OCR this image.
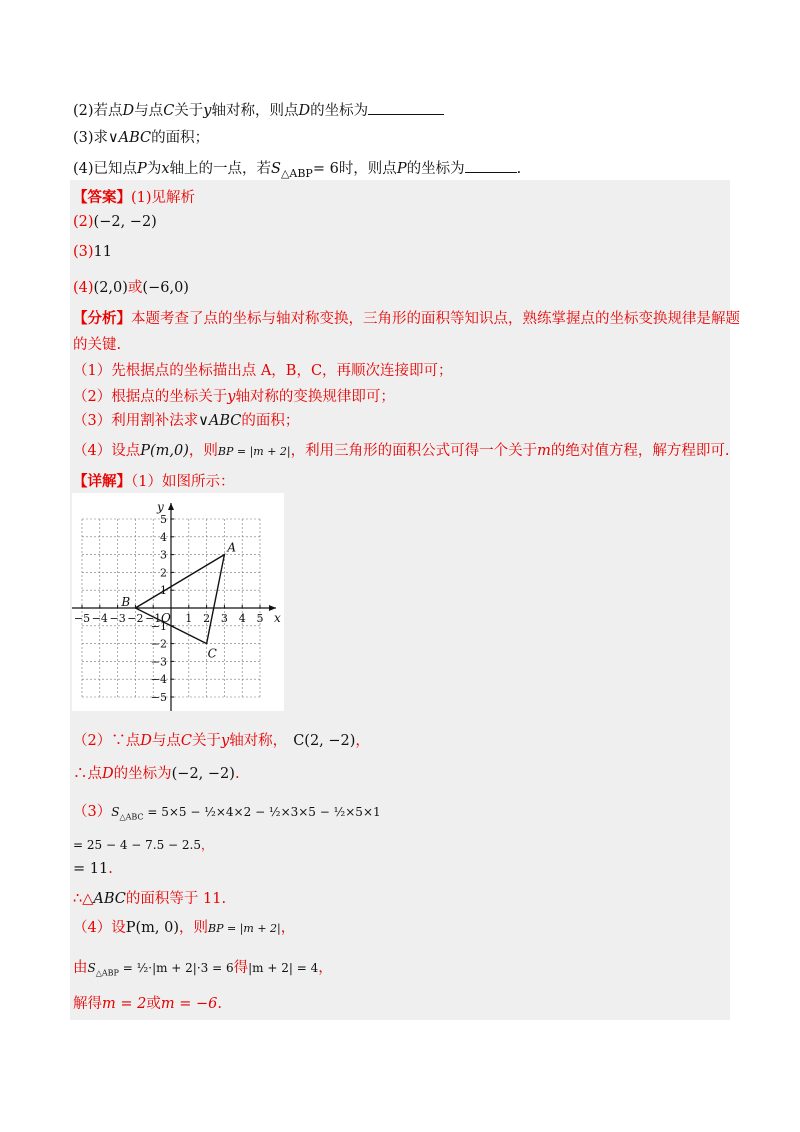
(2)若点D与点C关于y轴对称，则点D的坐标为
(3)求∨ABC的面积；
(4)已知点P为x轴上的一点，若$S_{\triangle ABP}= 6$时，则点P的坐标为	.
【答案】(1)见解析
(2)(−2, −2)
(3)11
(4)(2,0)或(−6,0)
【分析】本题考查了点的坐标与轴对称变换，三角形的面积等知识点，熟练掌握点的坐标变换规律是解题
的关键.
（1）先根据点的坐标描出点 A，B，C，再顺次连接即可；
（2）根据点的坐标关于y轴对称的变换规律即可；
（3）利用割补法求∨ABC的面积；
（4）设点P(m,0)，则BP = |m + 2|，利用三角形的面积公式可得一个关于m的绝对值方程，解方程即可.
【详解】（1）如图所示：
−5 −4 −3 −2 −1 1 2 3 4 5
5
4
3
2
1
−1
−2
−3
−4
−5
x
y
O
A
B
C
（2）∵点D与点C关于y轴对称， C(2, −2)，
∴点D的坐标为(−2, −2).
$(3)S_{\triangle ABC} = 5\times 5$ − ½×4×2 − ½×3×5 − ½×5×1
= 25 − 4 − 7.5 − 2.5，
= 11.
∴△ABC的面积等于 11.
（4）设P(m, 0)，则BP = |m + 2|，
由$S_{\triangle ABP}$ = ½·|m + 2|·3 = 6得|m + 2| = 4，
解得m = 2或m = −6.
